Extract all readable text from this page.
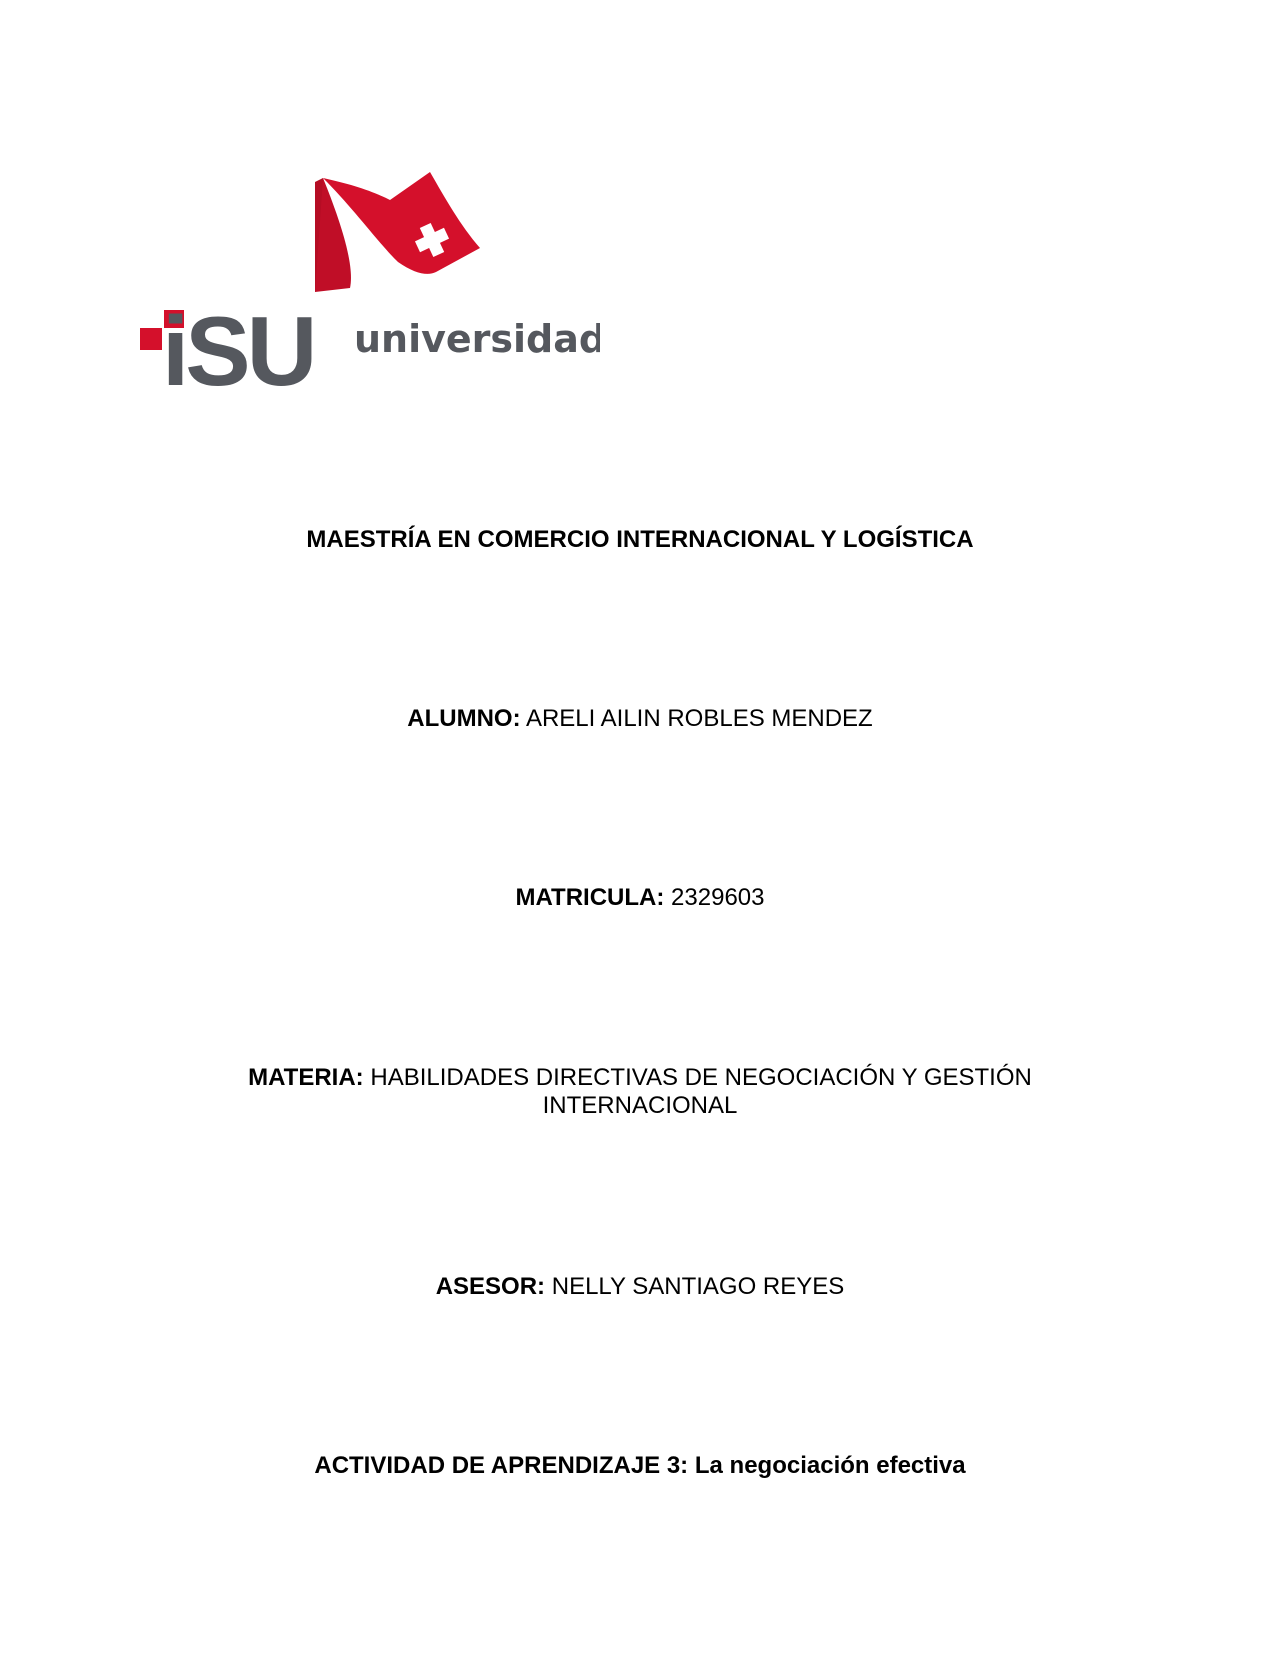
iSU universidad
MAESTRÍA EN COMERCIO INTERNACIONAL Y LOGÍSTICA
ALUMNO: ARELI AILIN ROBLES MENDEZ
MATRICULA: 2329603
MATERIA: HABILIDADES DIRECTIVAS DE NEGOCIACIÓN Y GESTIÓN
INTERNACIONAL
ASESOR: NELLY SANTIAGO REYES
ACTIVIDAD DE APRENDIZAJE 3: La negociación efectiva
